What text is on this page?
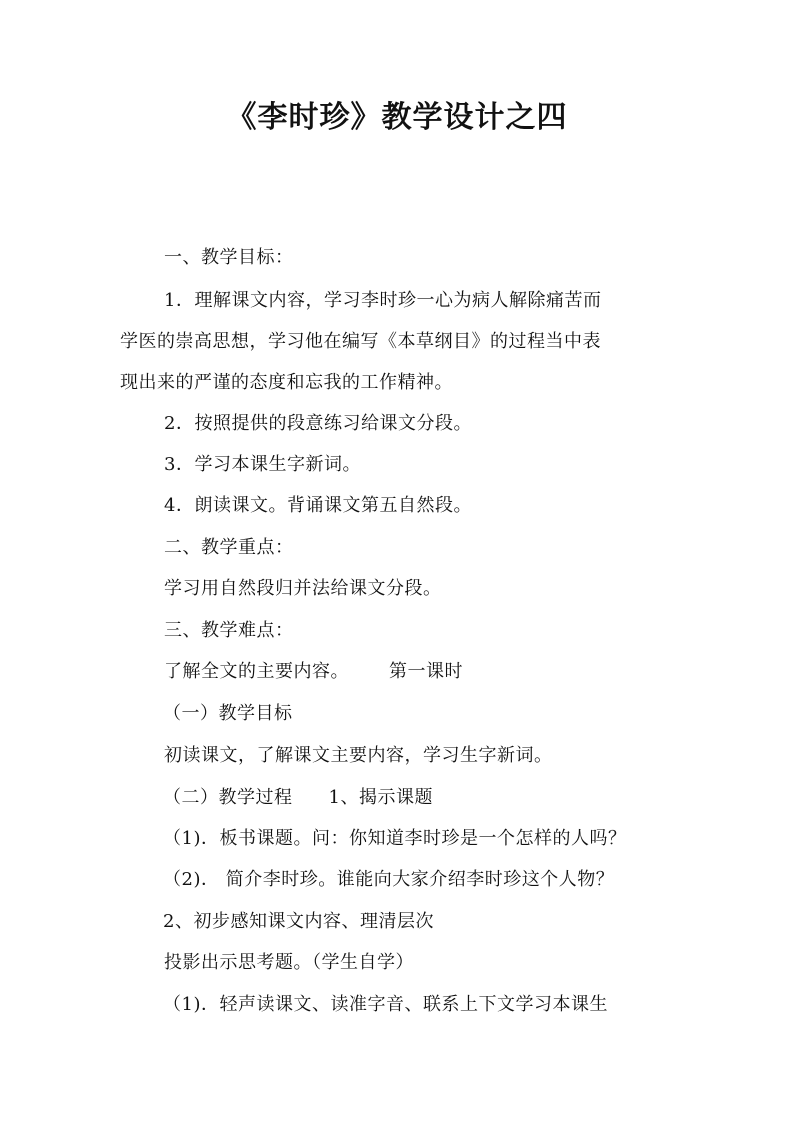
《李时珍》教学设计之四
一、教学目标：
1．理解课文内容，学习李时珍一心为病人解除痛苦而
学医的崇高思想，学习他在编写《本草纲目》的过程当中表
现出来的严谨的态度和忘我的工作精神。
2．按照提供的段意练习给课文分段。
3．学习本课生字新词。
4．朗读课文。背诵课文第五自然段。
二、教学重点：
学习用自然段归并法给课文分段。
三、教学难点：
了解全文的主要内容。 第一课时
（一）教学目标
初读课文，了解课文主要内容，学习生字新词。
（二）教学过程 1、揭示课题
（1)．板书课题。问：你知道李时珍是一个怎样的人吗？
（2)． 简介李时珍。谁能向大家介绍李时珍这个人物？
2、初步感知课文内容、理清层次
投影出示思考题。（学生自学）
（1)．轻声读课文、读准字音、联系上下文学习本课生
